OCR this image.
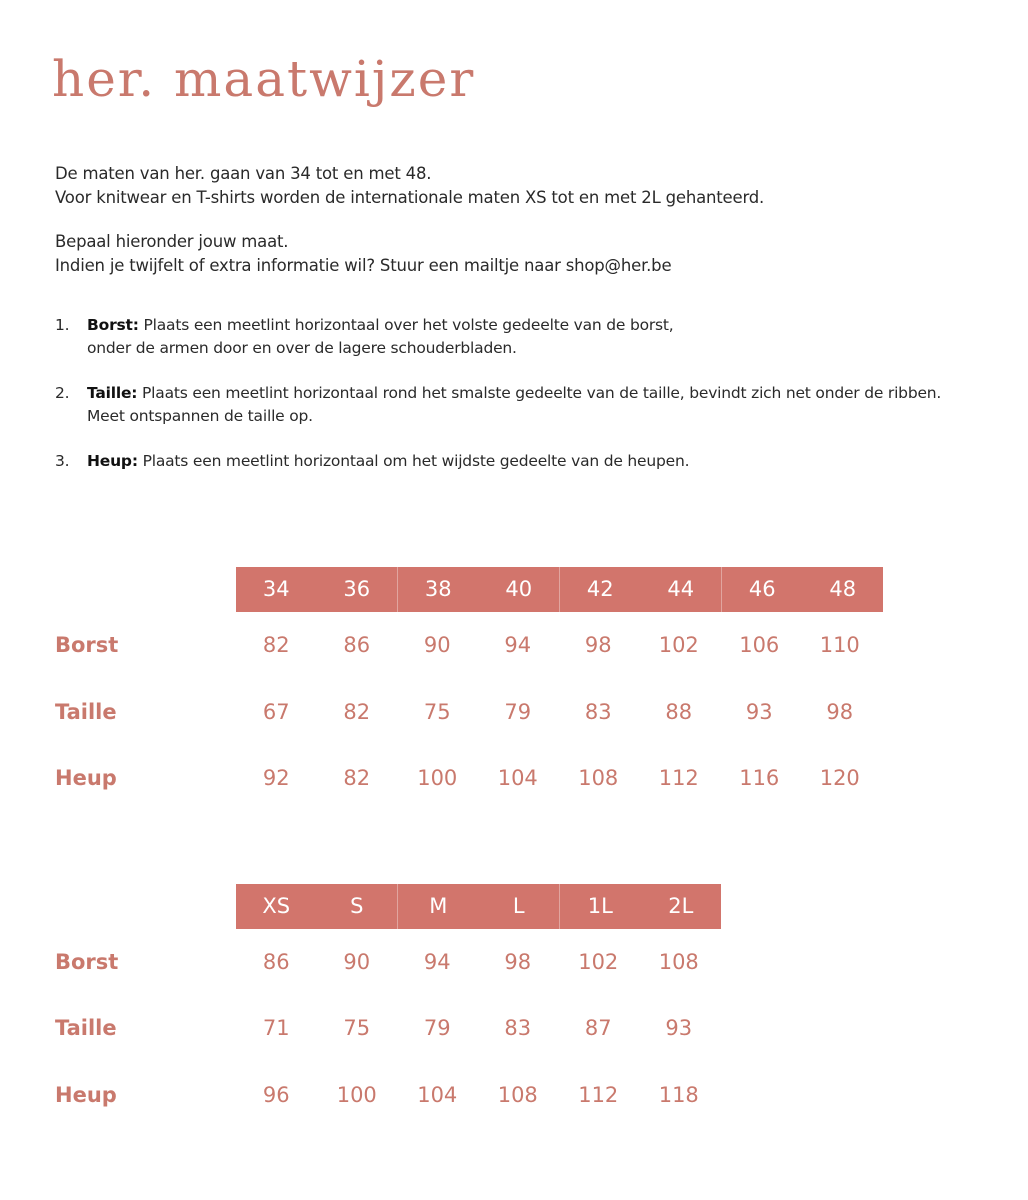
her. maatwijzer
De maten van her. gaan van 34 tot en met 48.
Voor knitwear en T-shirts worden de internationale maten XS tot en met 2L gehanteerd.
Bepaal hieronder jouw maat.
Indien je twijfelt of extra informatie wil? Stuur een mailtje naar shop@her.be
1. Borst: Plaats een meetlint horizontaal over het volste gedeelte van de borst,
onder de armen door en over de lagere schouderbladen.
2. Taille: Plaats een meetlint horizontaal rond het smalste gedeelte van de taille, bevindt zich net onder de ribben.
Meet ontspannen de taille op.
3. Heup: Plaats een meetlint horizontaal om het wijdste gedeelte van de heupen.
34	36	38	40	42	44	46	48
Borst	82	86	90	94	98	102	106	110
Taille	67	82	75	79	83	88	93	98
Heup	92	82	100	104	108	112	116	120
XS	S	M	L	1L	2L
Borst	86	90	94	98	102	108
Taille	71	75	79	83	87	93
Heup	96	100	104	108	112	118
